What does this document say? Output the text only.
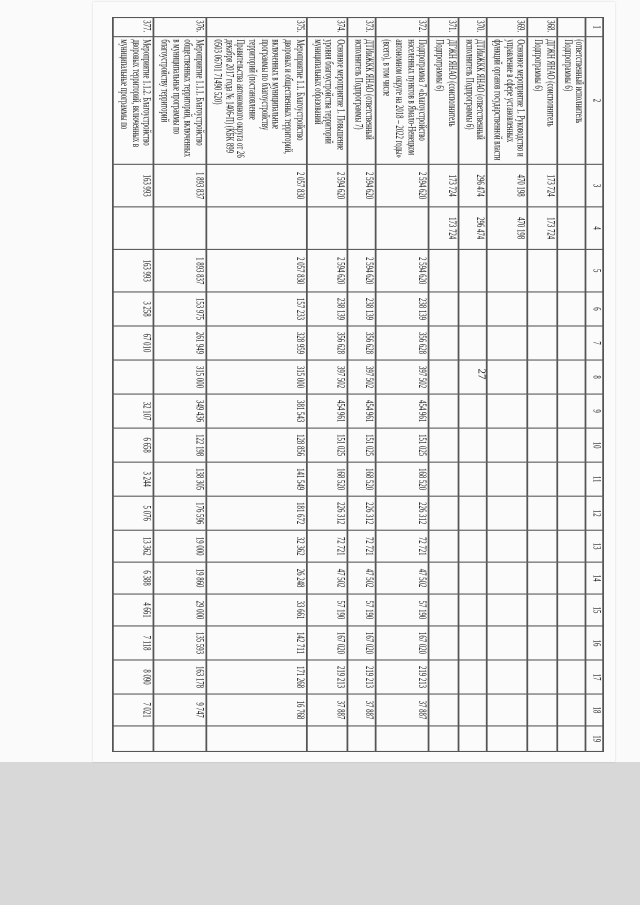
27
1	2	3	4	5	6	7	8	9	10	11	12	13	14	15	16	17	18	19
	(ответственный исполнитель Подпрограммы 6)																	
368.	ДГЖН ЯНАО (соисполнитель Подпрограммы 6)	173 724	173 724															
369.	Основное мероприятие 1. Руководство и управление в сфере установленных функций органов государственной власти	470 198	470 198															
370.	ДТИиЖКК ЯНАО (ответственный исполнитель Подпрограммы 6)	296 474	296 474															
371.	ДГЖН ЯНАО (соисполнитель Подпрограммы 6)	173 724	173 724															
372.	Подпрограмма 7 «Благоустройство населенных пунктов в Ямало-Ненецком автономном округе на 2018 – 2022 годы» (всего), в том числе	2 594 620		2 594 620	238 139	356 628	397 502	454 961	151 025	168 520	226 312	72 721	47 502	57 190	167 020	219 213	37 887	
373.	ДТИиЖКК ЯНАО (ответственный исполнитель Подпрограммы 7)	2 594 620		2 594 620	238 139	356 628	397 502	454 961	151 025	168 520	226 312	72 721	47 502	57 190	167 020	219 213	37 887	
374.	Основное мероприятие 1. Повышение уровня благоустройства территорий муниципальных образований	2 594 620		2 594 620	238 139	356 628	397 502	454 961	151 025	168 520	226 312	72 721	47 502	57 190	167 020	219 213	37 887	
375.	Мероприятие 1.1. Благоустройство дворовых и общественных территорий, включенных в муниципальные программы по благоустройству территорий (постановление Правительства автономного округа от 26 декабря 2017 года № 1406-П) (КБК 899 0503 06701 71490 520)	2 057 830		2 057 830	157 233	328 959	315 000	381 543	128 856	141 549	181 672	32 362	26 248	33 661	142 711	171 268	16 768	
376.	Мероприятие 1.1.1. Благоустройство общественных территорий, включенных в муниципальные программы по благоустройству территорий	1 893 837		1 893 837	153 975	261 949	315 000	349 436	122 198	138 305	176 596	19 000	19 860	29 000	135 593	163 178	9 747	
377.	Мероприятие 1.1.2. Благоустройство дворовых территорий, включенных в муниципальные программы по	163 993		163 993	3 258	67 010		32 107	6 658	3 244	5 076	13 362	6 388	4 661	7 118	8 090	7 021	
